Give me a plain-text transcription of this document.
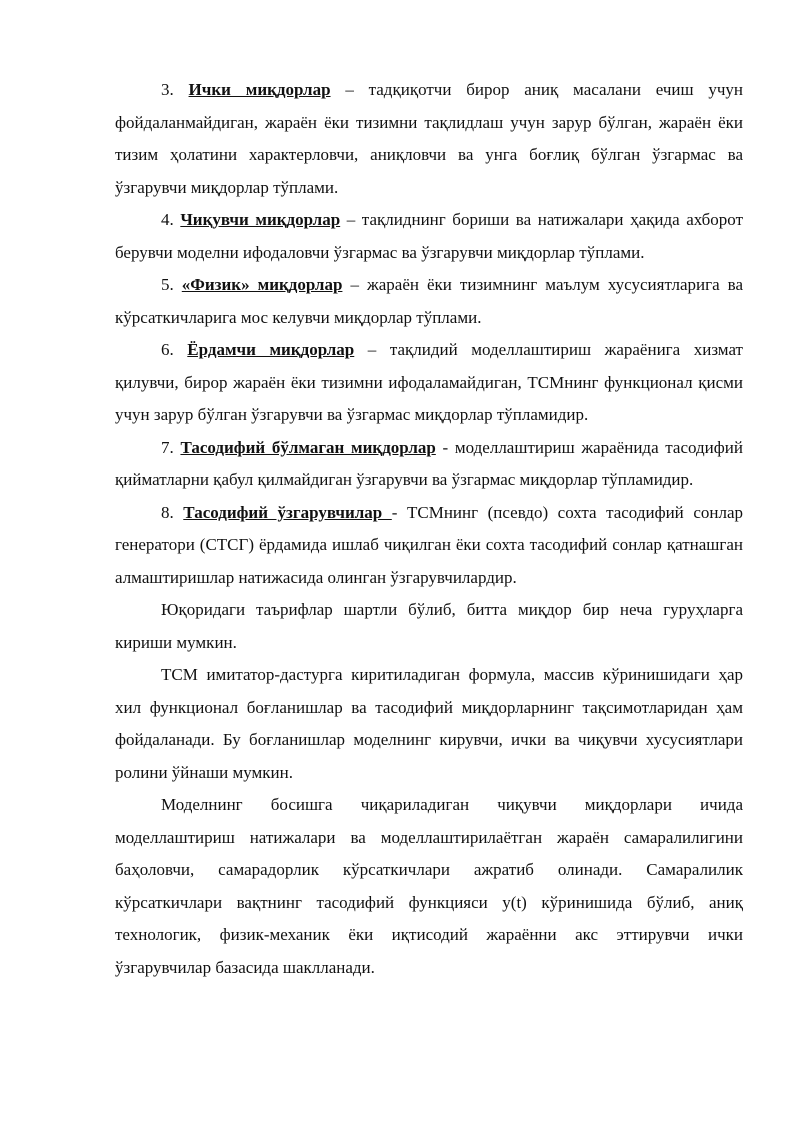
3. Ички миқдорлар – тадқиқотчи бирор аниқ масалани ечиш учун фойдаланмайдиган, жараён ёки тизимни тақлидлаш учун зарур бўлган, жараён ёки тизим ҳолатини характерловчи, аниқловчи ва унга боғлиқ бўлган ўзгармас ва ўзгарувчи миқдорлар тўплами.

4. Чиқувчи миқдорлар – тақлиднинг бориши ва натижалари ҳақида ахборот берувчи моделни ифодаловчи ўзгармас ва ўзгарувчи миқдорлар тўплами.

5. «Физик» миқдорлар – жараён ёки тизимнинг маълум хусусиятларига ва кўрсаткичларига мос келувчи миқдорлар тўплами.

6. Ёрдамчи миқдорлар – тақлидий моделлаштириш жараёнига хизмат қилувчи, бирор жараён ёки тизимни ифодаламайдиган, ТСМнинг функционал қисми учун зарур бўлган ўзгарувчи ва ўзгармас миқдорлар тўпламидир.

7. Тасодифий бўлмаган миқдорлар - моделлаштириш жараёнида тасодифий қийматларни қабул қилмайдиган ўзгарувчи ва ўзгармас миқдорлар тўпламидир.

8. Тасодифий ўзгарувчилар - ТСМнинг (псевдо) сохта тасодифий сонлар генератори (СТСГ) ёрдамида ишлаб чиқилган ёки сохта тасодифий сонлар қатнашган алмаштиришлар натижасида олинган ўзгарувчилардир.

Юқоридаги таърифлар шартли бўлиб, битта миқдор бир неча гуруҳларга кириши мумкин.

ТСМ имитатор-дастурга киритиладиган формула, массив кўринишидаги ҳар хил функционал боғланишлар ва тасодифий миқдорларнинг тақсимотларидан ҳам фойдаланади. Бу боғланишлар моделнинг кирувчи, ички ва чиқувчи хусусиятлари ролини ўйнаши мумкин.

Моделнинг босишга чиқариладиган чиқувчи миқдорлари ичида моделлаштириш натижалари ва моделлаштирилаётган жараён самаралилигини баҳоловчи, самарадорлик кўрсаткичлари ажратиб олинади. Самаралилик кўрсаткичлари вақтнинг тасодифий функцияси y(t) кўринишида бўлиб, аниқ технологик, физик-механик ёки иқтисодий жараённи акс эттирувчи ички ўзгарувчилар базасида шаклланади.
